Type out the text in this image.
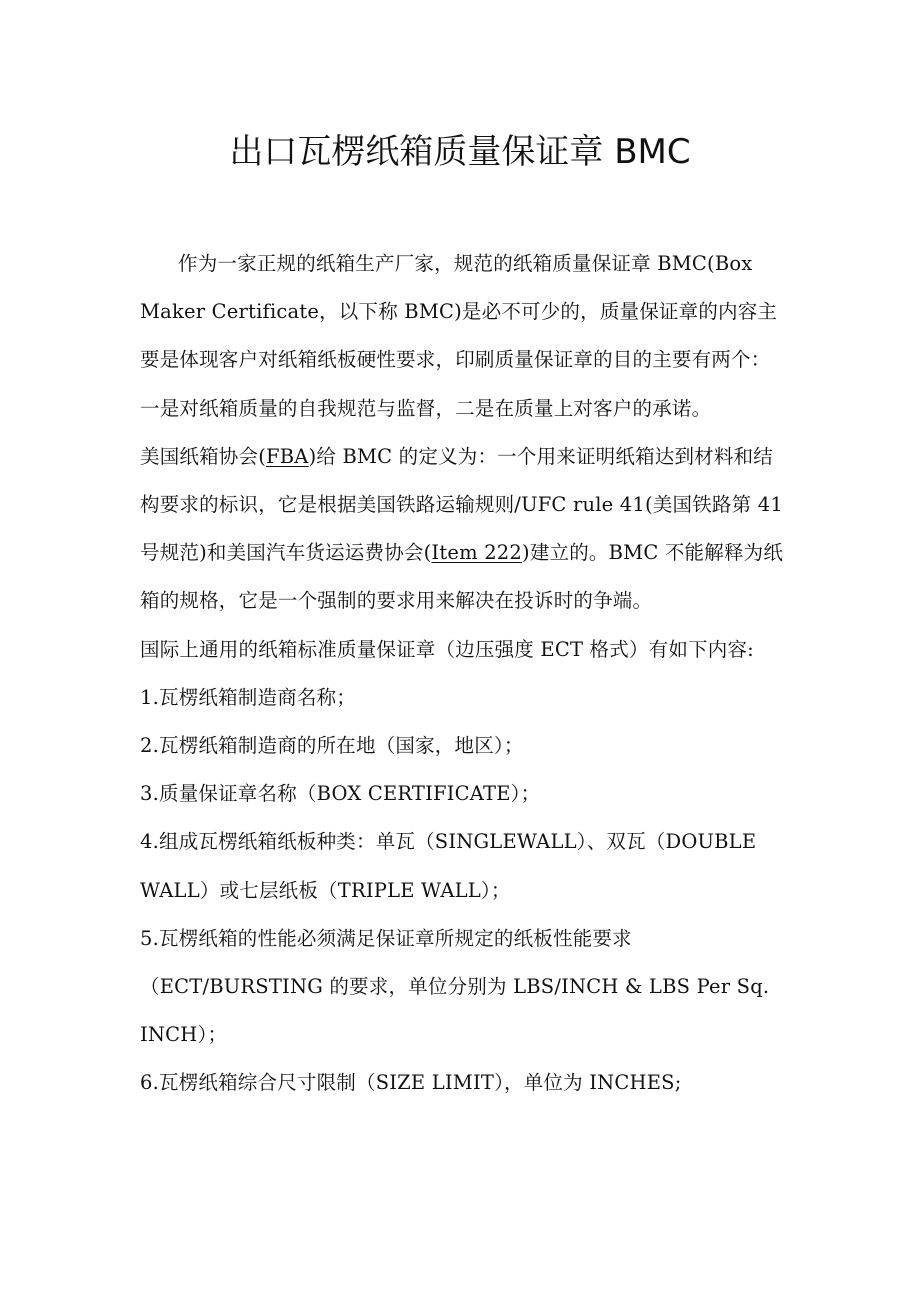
出口瓦楞纸箱质量保证章 BMC

作为一家正规的纸箱生产厂家，规范的纸箱质量保证章 BMC(Box Maker Certificate，以下称 BMC)是必不可少的，质量保证章的内容主要是体现客户对纸箱纸板硬性要求，印刷质量保证章的目的主要有两个：一是对纸箱质量的自我规范与监督，二是在质量上对客户的承诺。

美国纸箱协会(FBA)给 BMC 的定义为：一个用来证明纸箱达到材料和结构要求的标识，它是根据美国铁路运输规则/UFC rule 41(美国铁路第 41 号规范)和美国汽车货运运费协会(Item 222)建立的。BMC 不能解释为纸箱的规格，它是一个强制的要求用来解决在投诉时的争端。

国际上通用的纸箱标准质量保证章（边压强度 ECT 格式）有如下内容:

1.瓦楞纸箱制造商名称；

2.瓦楞纸箱制造商的所在地（国家，地区）；

3.质量保证章名称（BOX CERTIFICATE）；

4.组成瓦楞纸箱纸板种类：单瓦（SINGLEWALL）、双瓦（DOUBLE WALL）或七层纸板（TRIPLE WALL）；

5.瓦楞纸箱的性能必须满足保证章所规定的纸板性能要求（ECT/BURSTING 的要求，单位分别为 LBS/INCH & LBS Per Sq. INCH）；

6.瓦楞纸箱综合尺寸限制（SIZE LIMIT），单位为 INCHES;
